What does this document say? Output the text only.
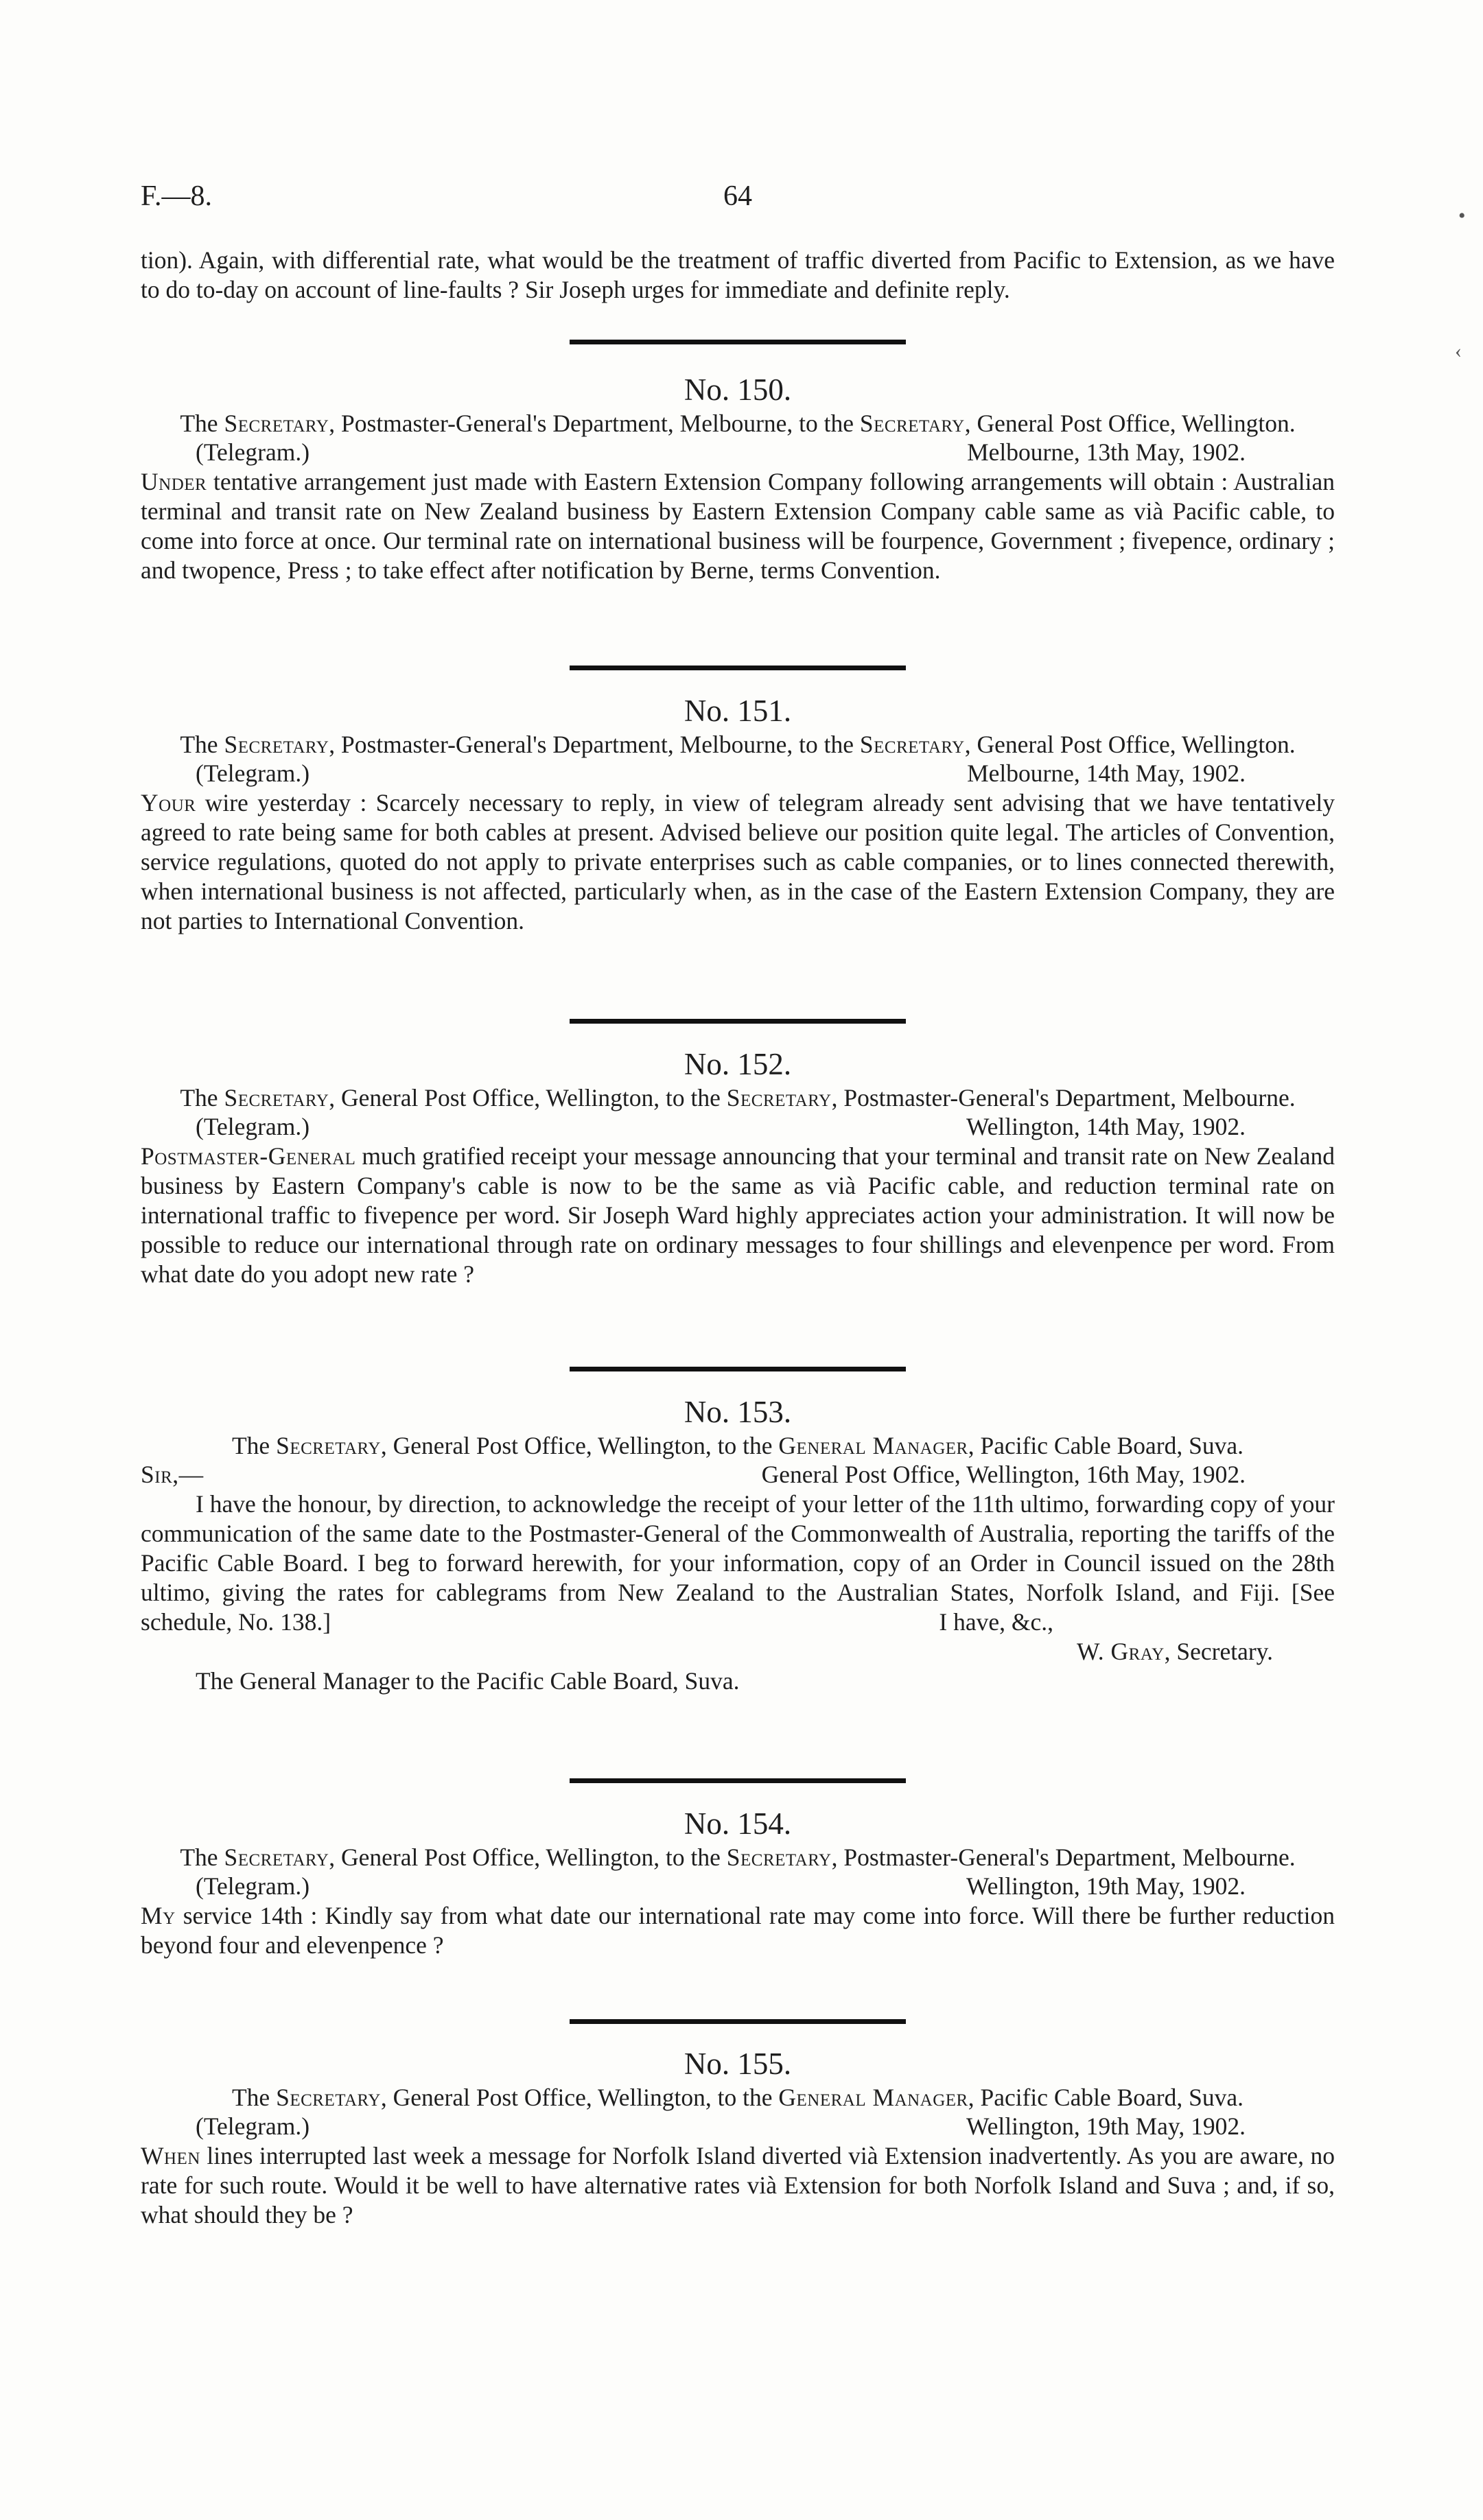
F.—8.	64

tion). Again, with differential rate, what would be the treatment of traffic diverted from Pacific to Extension, as we have to do to-day on account of line-faults ? Sir Joseph urges for immediate and definite reply.

No. 150.

The Secretary, Postmaster-General's Department, Melbourne, to the Secretary, General Post Office, Wellington.

(Telegram.)	Melbourne, 13th May, 1902.

Under tentative arrangement just made with Eastern Extension Company following arrangements will obtain : Australian terminal and transit rate on New Zealand business by Eastern Extension Company cable same as vià Pacific cable, to come into force at once. Our terminal rate on international business will be fourpence, Government ; fivepence, ordinary ; and twopence, Press ; to take effect after notification by Berne, terms Convention.

No. 151.

The Secretary, Postmaster-General's Department, Melbourne, to the Secretary, General Post Office, Wellington.

(Telegram.)	Melbourne, 14th May, 1902.

Your wire yesterday : Scarcely necessary to reply, in view of telegram already sent advising that we have tentatively agreed to rate being same for both cables at present. Advised believe our position quite legal. The articles of Convention, service regulations, quoted do not apply to private enterprises such as cable companies, or to lines connected therewith, when international business is not affected, particularly when, as in the case of the Eastern Extension Company, they are not parties to International Convention.

No. 152.

The Secretary, General Post Office, Wellington, to the Secretary, Postmaster-General's Department, Melbourne.

(Telegram.)	Wellington, 14th May, 1902.

Postmaster-General much gratified receipt your message announcing that your terminal and transit rate on New Zealand business by Eastern Company's cable is now to be the same as vià Pacific cable, and reduction terminal rate on international traffic to fivepence per word. Sir Joseph Ward highly appreciates action your administration. It will now be possible to reduce our international through rate on ordinary messages to four shillings and elevenpence per word. From what date do you adopt new rate ?

No. 153.

The Secretary, General Post Office, Wellington, to the General Manager, Pacific Cable Board, Suva.

Sir,—	General Post Office, Wellington, 16th May, 1902.

I have the honour, by direction, to acknowledge the receipt of your letter of the 11th ultimo, forwarding copy of your communication of the same date to the Postmaster-General of the Commonwealth of Australia, reporting the tariffs of the Pacific Cable Board. I beg to forward herewith, for your information, copy of an Order in Council issued on the 28th ultimo, giving the rates for cablegrams from New Zealand to the Australian States, Norfolk Island, and Fiji. [See schedule, No. 138.]	I have, &c.,
W. Gray, Secretary.

The General Manager to the Pacific Cable Board, Suva.

No. 154.

The Secretary, General Post Office, Wellington, to the Secretary, Postmaster-General's Department, Melbourne.

(Telegram.)	Wellington, 19th May, 1902.

My service 14th : Kindly say from what date our international rate may come into force. Will there be further reduction beyond four and elevenpence ?

No. 155.

The Secretary, General Post Office, Wellington, to the General Manager, Pacific Cable Board, Suva.

(Telegram.)	Wellington, 19th May, 1902.

When lines interrupted last week a message for Norfolk Island diverted vià Extension inadvertently. As you are aware, no rate for such route. Would it be well to have alternative rates vià Extension for both Norfolk Island and Suva ; and, if so, what should they be ?

•
‹
